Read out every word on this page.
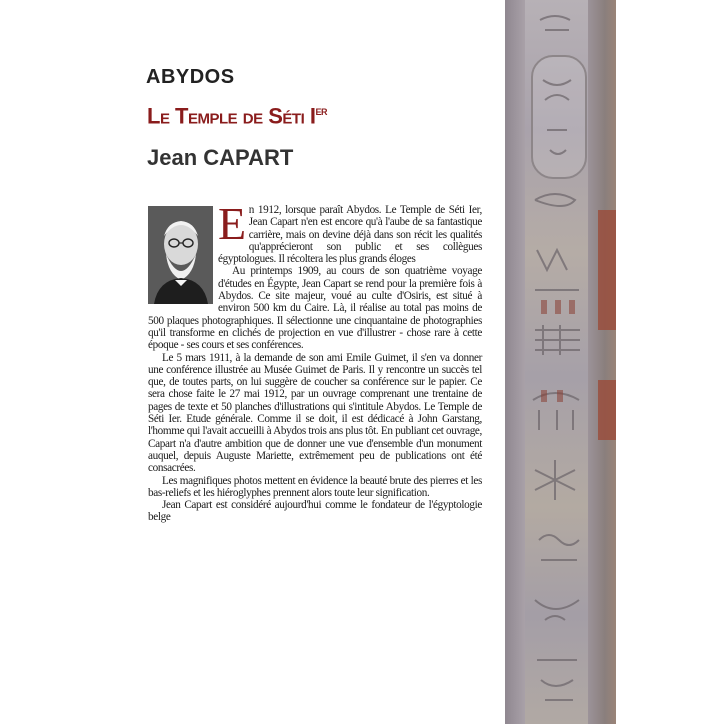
ABYDOS
Le Temple de Séti Ier
Jean CAPART
E n 1912, lorsque paraît Abydos. Le Temple de Séti Ier, Jean Capart n'en est encore qu'à l'aube de sa fantastique carrière, mais on devine déjà dans son récit les qualités qu'apprécieront son public et ses collègues égyptologues. Il récoltera les plus grands éloges

Au printemps 1909, au cours de son quatrième voyage d'études en Égypte, Jean Capart se rend pour la première fois à Abydos. Ce site majeur, voué au culte d'Osiris, est situé à environ 500 km du Caire. Là, il réalise au total pas moins de 500 plaques photographiques. Il sélectionne une cinquantaine de photographies qu'il transforme en clichés de projection en vue d'illustrer - chose rare à cette époque - ses cours et ses conférences.

Le 5 mars 1911, à la demande de son ami Emile Guimet, il s'en va donner une conférence illustrée au Musée Guimet de Paris. Il y rencontre un succès tel que, de toutes parts, on lui suggère de coucher sa conférence sur le papier. Ce sera chose faite le 27 mai 1912, par un ouvrage comprenant une trentaine de pages de texte et 50 planches d'illustrations qui s'intitule Abydos. Le Temple de Séti Ier. Etude générale. Comme il se doit, il est dédicacé à John Garstang, l'homme qui l'avait accueilli à Abydos trois ans plus tôt. En publiant cet ouvrage, Capart n'a d'autre ambition que de donner une vue d'ensemble d'un monument auquel, depuis Auguste Mariette, extrêmement peu de publications ont été consacrées.

Les magnifiques photos mettent en évidence la beauté brute des pierres et les bas-reliefs et les hiéroglyphes prennent alors toute leur signification.

Jean Capart est considéré aujourd'hui comme le fondateur de l'égyptologie belge
